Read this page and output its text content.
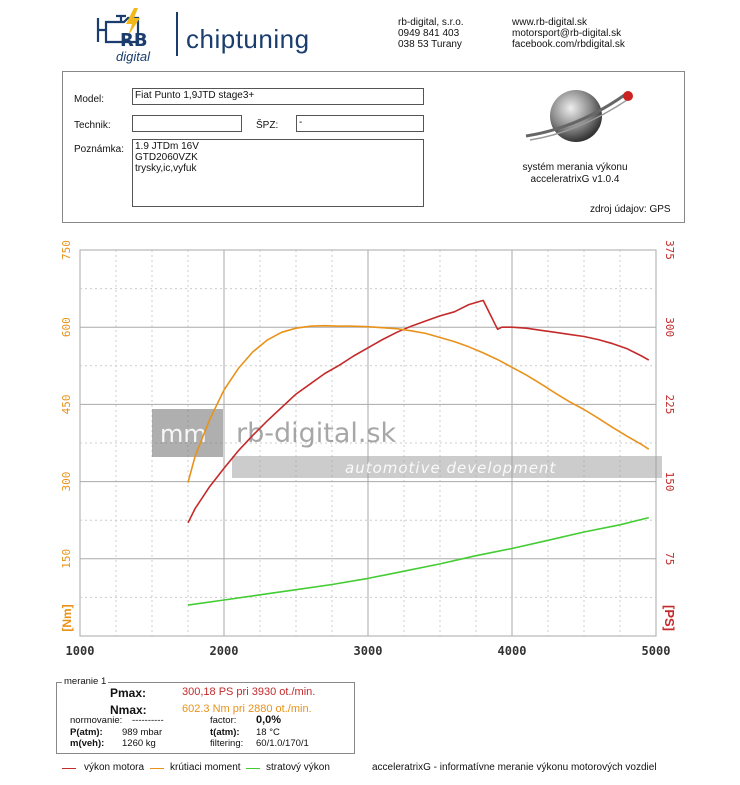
RB
digital
chiptuning
rb-digital, s.r.o.
0949 841 403
038 53 Turany
www.rb-digital.sk
motorsport@rb-digital.sk
facebook.com/rbdigital.sk
Model:	Fiat Punto 1,9JTD stage3+
Technik:	ŠPZ:	-
Poznámka:	1.9 JTDm 16V
GTD2060VZK
trysky,ic,vyfuk	systém merania výkonu
acceleratrixG v1.0.4
zdroj údajov: GPS
mm rb-digital.sk
automotive development
1000	2000	3000	4000	5000
150
300
450
600
750
75
150
225
300
375
[Nm]	[PS]
meranie 1
Pmax:	300,18 PS pri 3930 ot./min.
Nmax:	602.3 Nm pri 2880 ot./min.
normovanie: ----------	factor: 0,0%
P(atm): 989 mbar	t(atm): 18 °C
m(veh): 1260 kg	filtering: 60/1.0/170/1
výkon motora	krútiaci moment	stratový výkon	acceleratrixG - informatívne meranie výkonu motorových vozdiel
